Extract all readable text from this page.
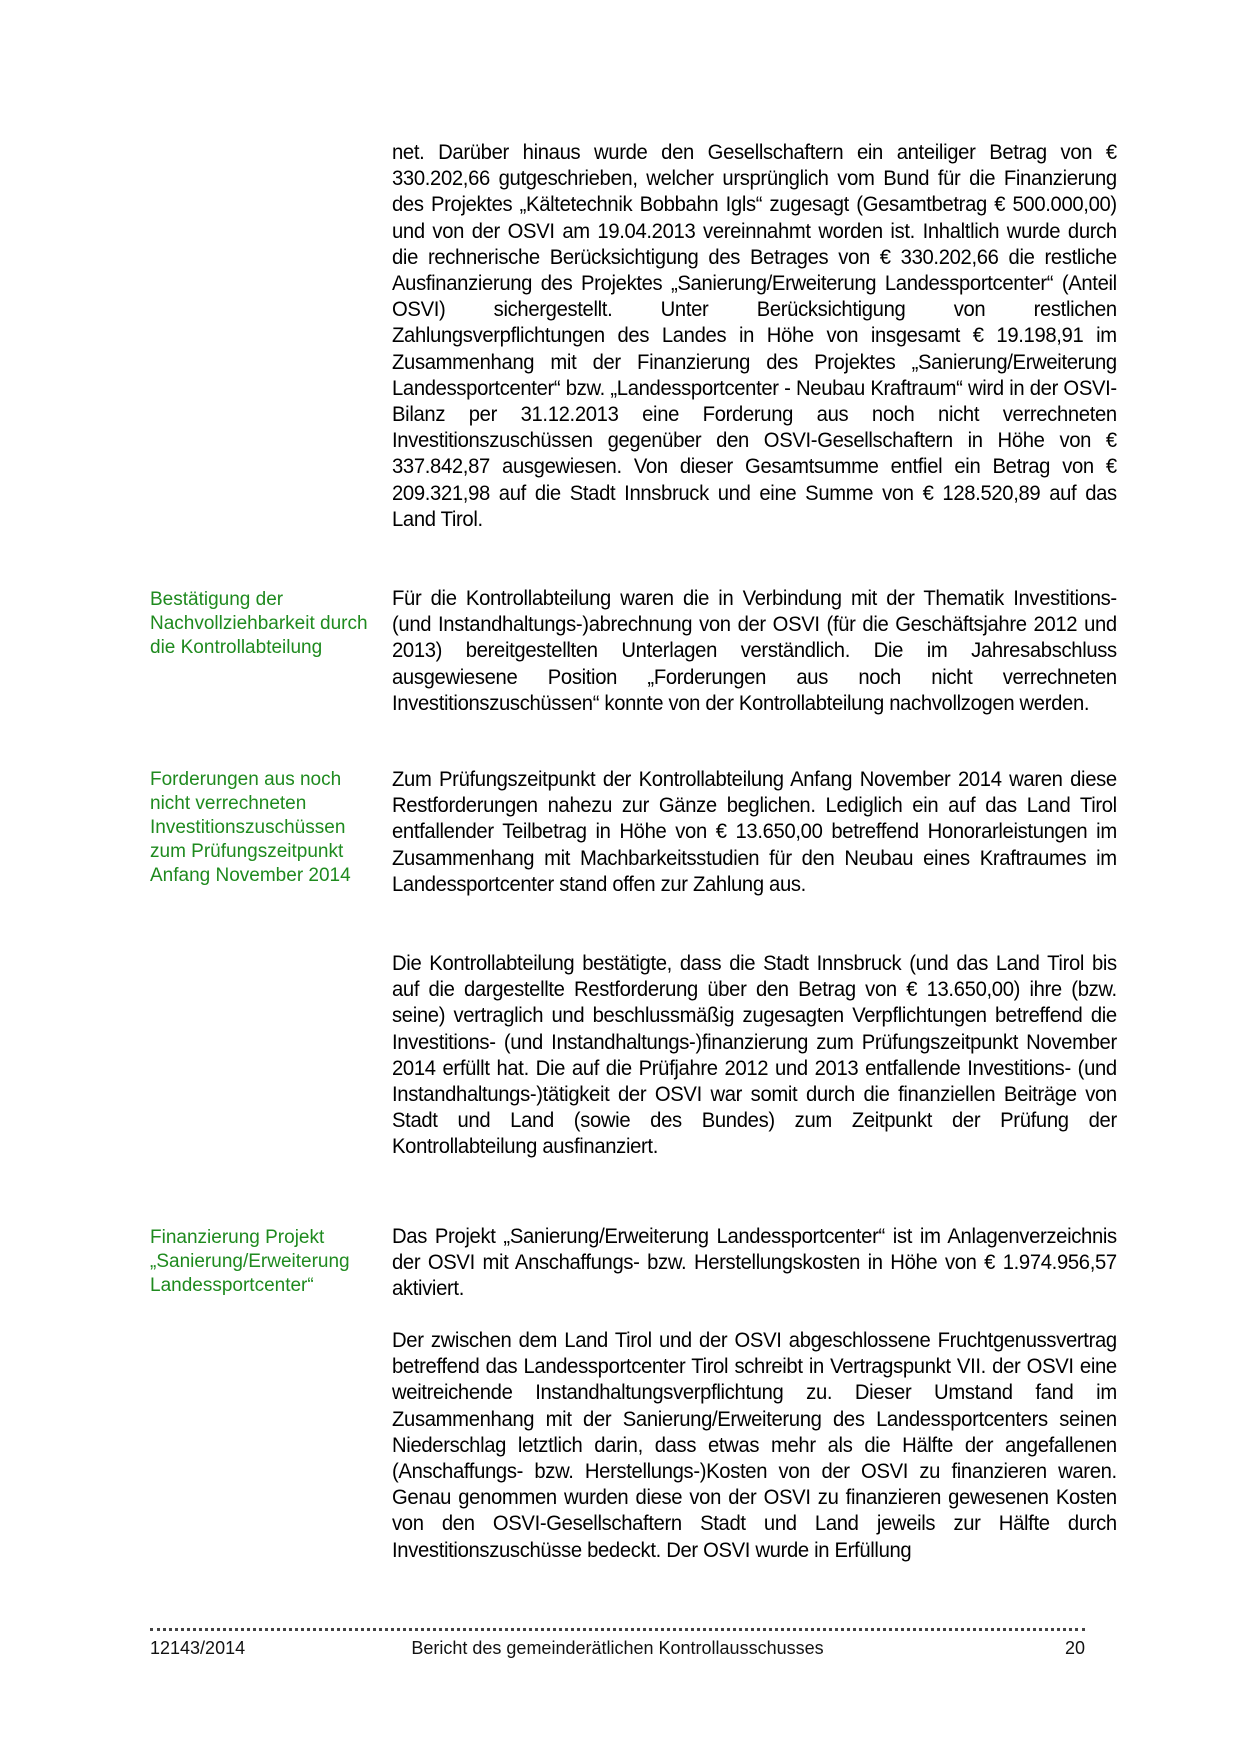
net. Darüber hinaus wurde den Gesellschaftern ein anteiliger Betrag von € 330.202,66 gutgeschrieben, welcher ursprünglich vom Bund für die Finanzierung des Projektes „Kältetechnik Bobbahn Igls“ zugesagt (Gesamtbetrag € 500.000,00) und von der OSVI am 19.04.2013 vereinnahmt worden ist. Inhaltlich wurde durch die rechnerische Berücksichtigung des Betrages von € 330.202,66 die restliche Ausfinanzierung des Projektes „Sanierung/Erweiterung Landessportcenter“ (Anteil OSVI) sichergestellt. Unter Berücksichtigung von restlichen Zahlungsverpflichtungen des Landes in Höhe von insgesamt € 19.198,91 im Zusammenhang mit der Finanzierung des Projektes „Sanierung/Erweiterung Landessportcenter“ bzw. „Landessportcenter - Neubau Kraftraum“ wird in der OSVI-Bilanz per 31.12.2013 eine Forderung aus noch nicht verrechneten Investitionszuschüssen gegenüber den OSVI-Gesellschaftern in Höhe von € 337.842,87 ausgewiesen. Von dieser Gesamtsumme entfiel ein Betrag von € 209.321,98 auf die Stadt Innsbruck und eine Summe von € 128.520,89 auf das Land Tirol.

Bestätigung der Nachvollziehbarkeit durch die Kontrollabteilung

Für die Kontrollabteilung waren die in Verbindung mit der Thematik Investitions- (und Instandhaltungs-)abrechnung von der OSVI (für die Geschäftsjahre 2012 und 2013) bereitgestellten Unterlagen verständlich. Die im Jahresabschluss ausgewiesene Position „Forderungen aus noch nicht verrechneten Investitionszuschüssen“ konnte von der Kontrollabteilung nachvollzogen werden.

Forderungen aus noch nicht verrechneten Investitionszuschüssen zum Prüfungszeitpunkt Anfang November 2014

Zum Prüfungszeitpunkt der Kontrollabteilung Anfang November 2014 waren diese Restforderungen nahezu zur Gänze beglichen. Lediglich ein auf das Land Tirol entfallender Teilbetrag in Höhe von € 13.650,00 betreffend Honorarleistungen im Zusammenhang mit Machbarkeitsstudien für den Neubau eines Kraftraumes im Landessportcenter stand offen zur Zahlung aus.

Die Kontrollabteilung bestätigte, dass die Stadt Innsbruck (und das Land Tirol bis auf die dargestellte Restforderung über den Betrag von € 13.650,00) ihre (bzw. seine) vertraglich und beschlussmäßig zugesagten Verpflichtungen betreffend die Investitions- (und Instandhaltungs-)finanzierung zum Prüfungszeitpunkt November 2014 erfüllt hat. Die auf die Prüfjahre 2012 und 2013 entfallende Investitions- (und Instandhaltungs-)tätigkeit der OSVI war somit durch die finanziellen Beiträge von Stadt und Land (sowie des Bundes) zum Zeitpunkt der Prüfung der Kontrollabteilung ausfinanziert.

Finanzierung Projekt „Sanierung/Erweiterung Landessportcenter“

Das Projekt „Sanierung/Erweiterung Landessportcenter“ ist im Anlagenverzeichnis der OSVI mit Anschaffungs- bzw. Herstellungskosten in Höhe von € 1.974.956,57 aktiviert.

Der zwischen dem Land Tirol und der OSVI abgeschlossene Fruchtgenussvertrag betreffend das Landessportcenter Tirol schreibt in Vertragspunkt VII. der OSVI eine weitreichende Instandhaltungsverpflichtung zu. Dieser Umstand fand im Zusammenhang mit der Sanierung/Erweiterung des Landessportcenters seinen Niederschlag letztlich darin, dass etwas mehr als die Hälfte der angefallenen (Anschaffungs- bzw. Herstellungs-)Kosten von der OSVI zu finanzieren waren. Genau genommen wurden diese von der OSVI zu finanzieren gewesenen Kosten von den OSVI-Gesellschaftern Stadt und Land jeweils zur Hälfte durch Investitionszuschüsse bedeckt. Der OSVI wurde in Erfüllung

12143/2014	Bericht des gemeinderätlichen Kontrollausschusses	20
